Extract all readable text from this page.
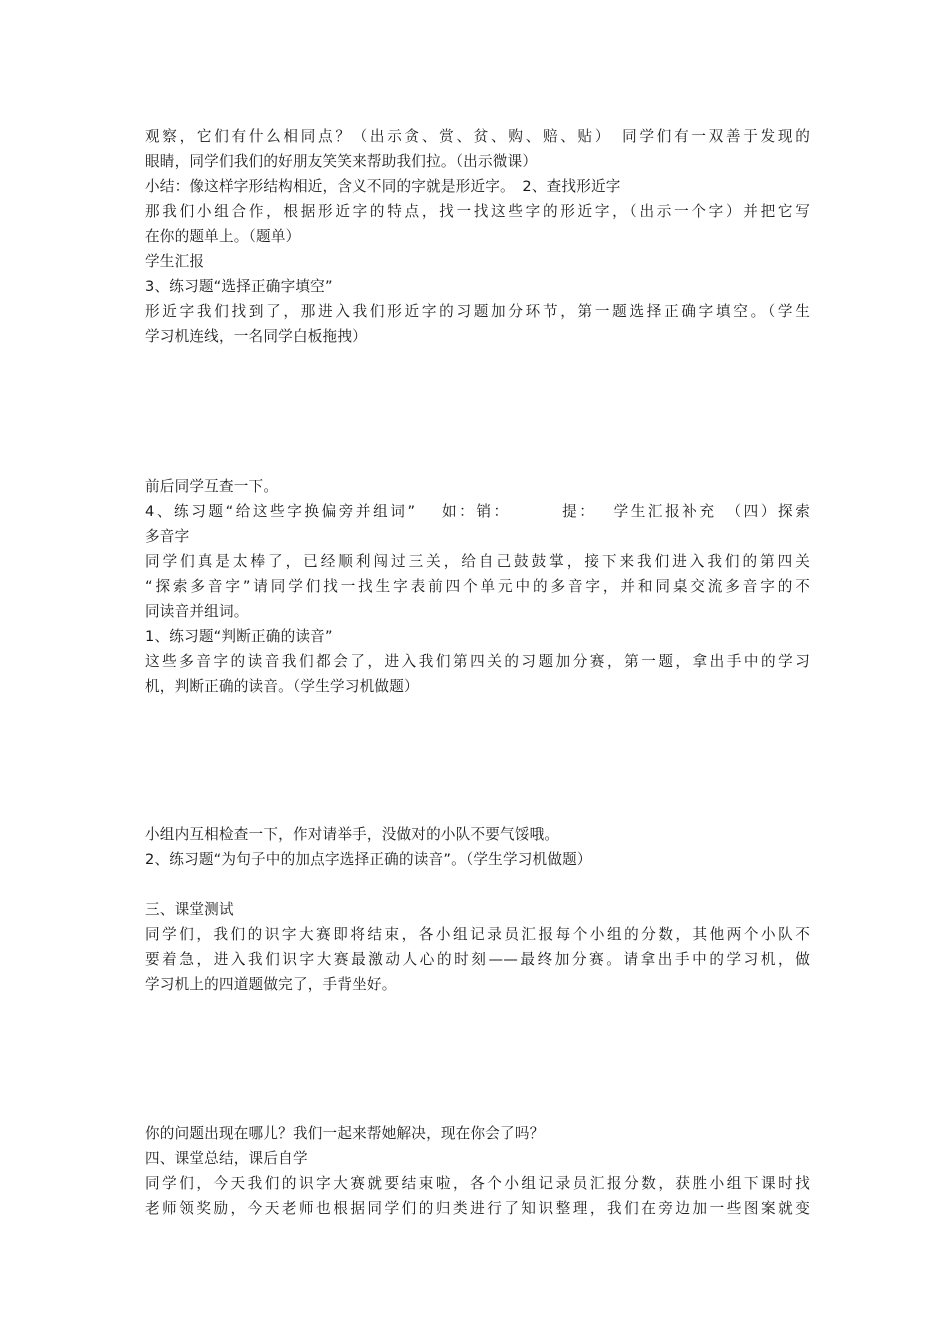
观察，它们有什么相同点？（出示贪、赏、贫、购、赔、贴）　同学们有一双善于发现的
眼睛，同学们我们的好朋友笑笑来帮助我们拉。（出示微课）
小结：像这样字形结构相近，含义不同的字就是形近字。　2、查找形近字
那我们小组合作，根据形近字的特点，找一找这些字的形近字，（出示一个字）并把它写
在你的题单上。（题单）
学生汇报
3、练习题“选择正确字填空”
形近字我们找到了，那进入我们形近字的习题加分环节，第一题选择正确字填空。（学生
学习机连线，一名同学白板拖拽）
前后同学互查一下。
4、练习题“给这些字换偏旁并组词”　 如：销：　　　 提：　 学生汇报补充　（四）探索
多音字
同学们真是太棒了，已经顺利闯过三关，给自己鼓鼓掌，接下来我们进入我们的第四关
“探索多音字”请同学们找一找生字表前四个单元中的多音字，并和同桌交流多音字的不
同读音并组词。
1、练习题“判断正确的读音”
这些多音字的读音我们都会了，进入我们第四关的习题加分赛，第一题，拿出手中的学习
机，判断正确的读音。（学生学习机做题）
小组内互相检查一下，作对请举手，没做对的小队不要气馁哦。
2、练习题“为句子中的加点字选择正确的读音”。（学生学习机做题）
三、课堂测试
同学们，我们的识字大赛即将结束，各小组记录员汇报每个小组的分数，其他两个小队不
要着急，进入我们识字大赛最激动人心的时刻——最终加分赛。请拿出手中的学习机，做
学习机上的四道题做完了，手背坐好。
你的问题出现在哪儿？我们一起来帮她解决，现在你会了吗？
四、课堂总结，课后自学
同学们，今天我们的识字大赛就要结束啦，各个小组记录员汇报分数，获胜小组下课时找
老师领奖励，今天老师也根据同学们的归类进行了知识整理，我们在旁边加一些图案就变
